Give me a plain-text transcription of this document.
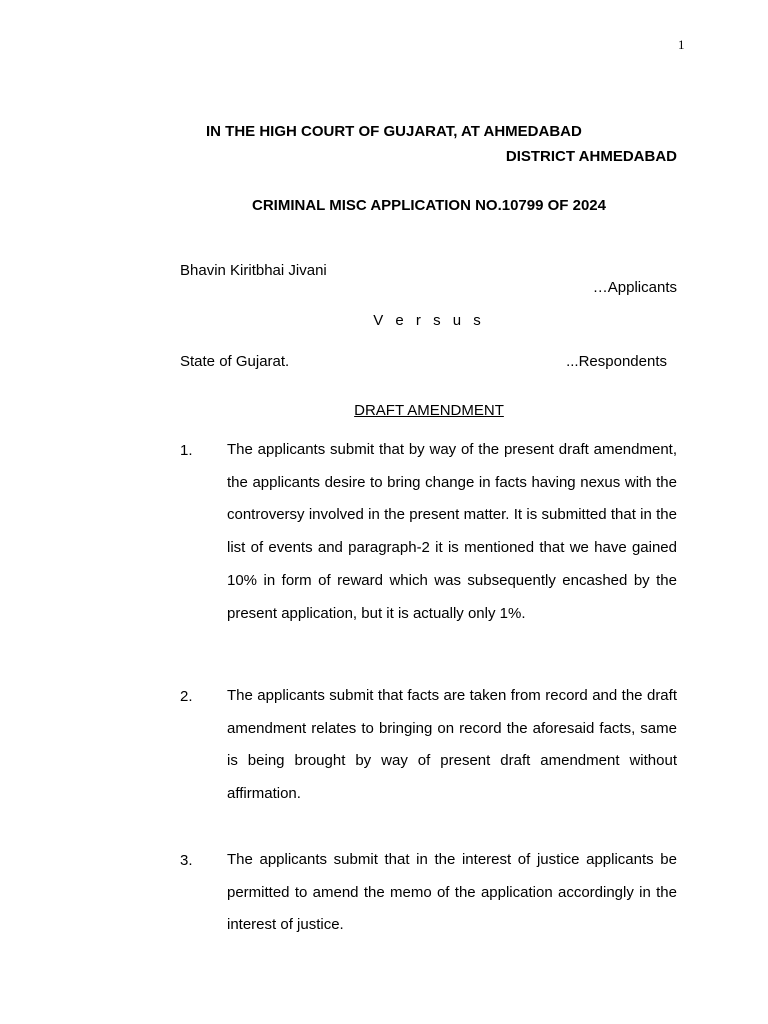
1
IN THE HIGH COURT OF GUJARAT, AT AHMEDABAD
DISTRICT AHMEDABAD
CRIMINAL MISC APPLICATION NO.10799 OF 2024
Bhavin Kiritbhai Jivani
…Applicants
V e r s u s
State of Gujarat.	...Respondents
DRAFT AMENDMENT
1. The applicants submit that by way of the present draft amendment, the applicants desire to bring change in facts having nexus with the controversy involved in the present matter. It is submitted that in the list of events and paragraph-2 it is mentioned that we have gained 10% in form of reward which was subsequently encashed by the present application, but it is actually only 1%.
2. The applicants submit that facts are taken from record and the draft amendment relates to bringing on record the aforesaid facts, same is being brought by way of present draft amendment without affirmation.
3. The applicants submit that in the interest of justice applicants be permitted to amend the memo of the application accordingly in the interest of justice.
